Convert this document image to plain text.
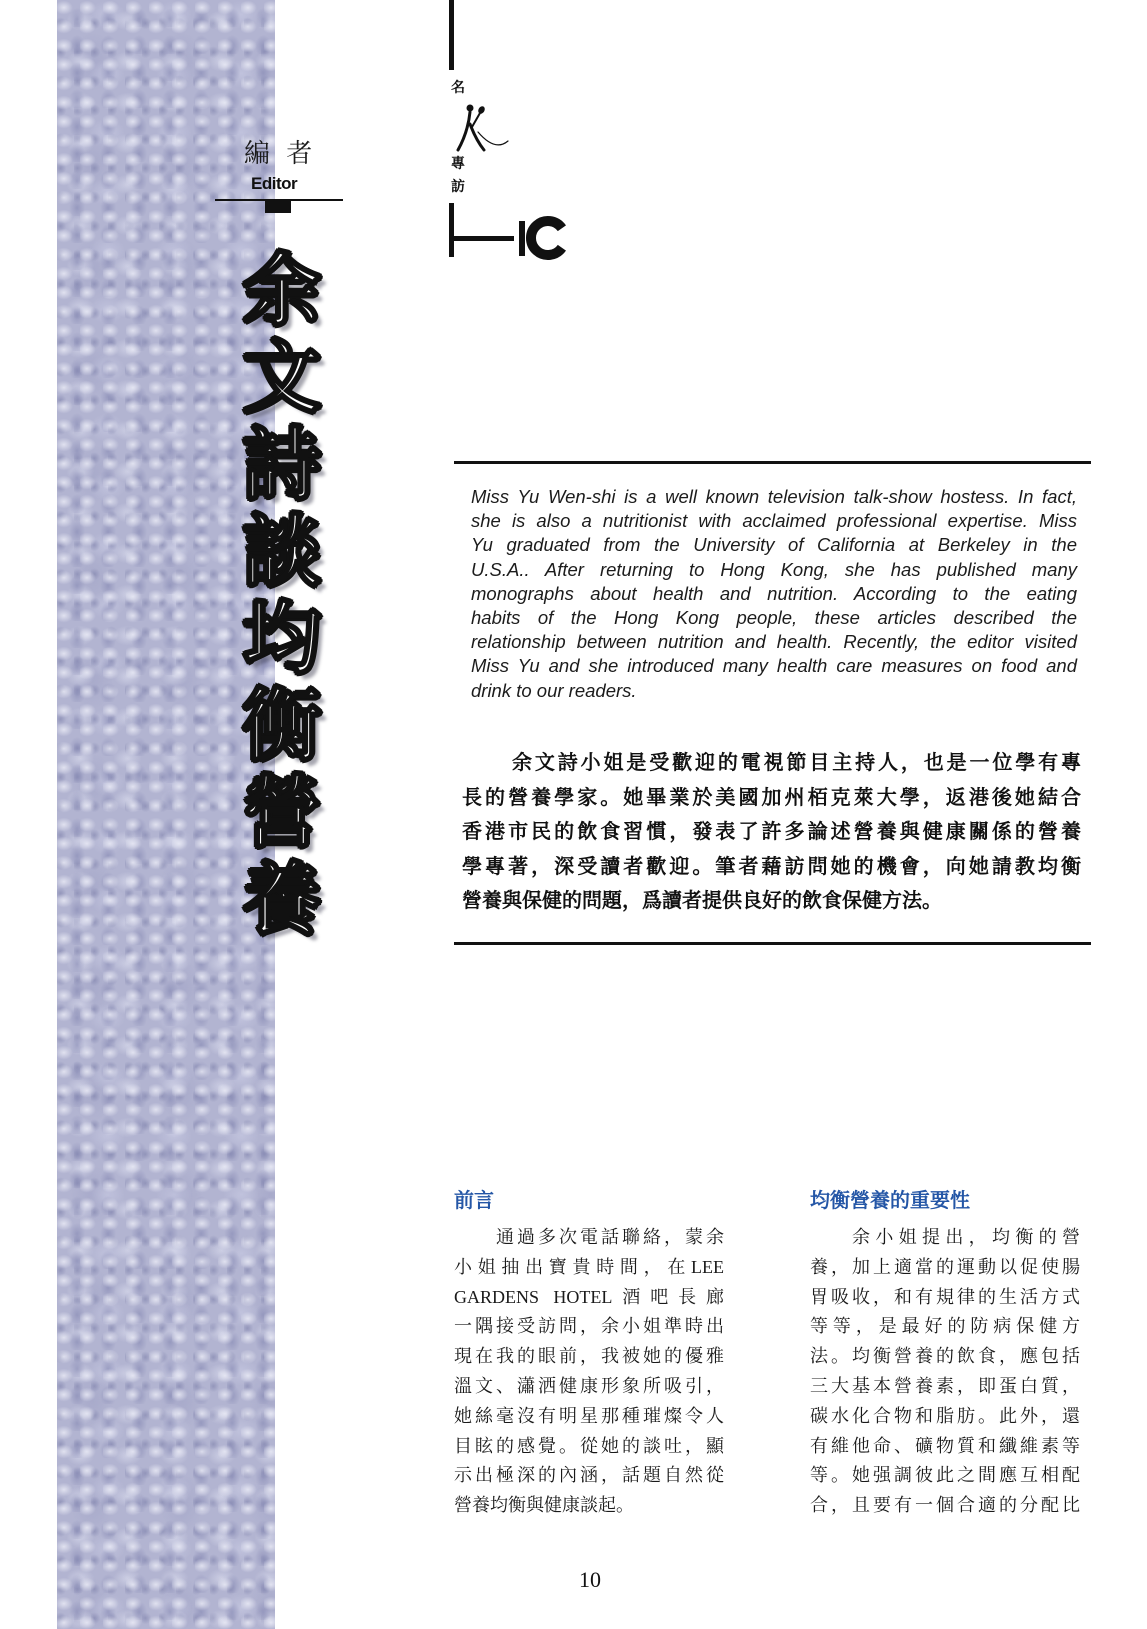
編 者
Editor
余文詩談均衡營養
名
專
訪
Miss Yu Wen-shi is a well known television talk-show hostess. In fact,
she is also a nutritionist with acclaimed professional expertise. Miss
Yu graduated from the University of California at Berkeley in the
U.S.A.. After returning to Hong Kong, she has published many
monographs about health and nutrition. According to the eating
habits of the Hong Kong people, these articles described the
relationship between nutrition and health. Recently, the editor visited
Miss Yu and she introduced many health care measures on food and
drink to our readers.
余文詩小姐是受歡迎的電視節目主持人，也是一位學有專
長的營養學家。她畢業於美國加州栢克萊大學，返港後她結合
香港市民的飲食習慣，發表了許多論述營養與健康關係的營養
學專著，深受讀者歡迎。筆者藉訪問她的機會，向她請教均衡
營養與保健的問題，爲讀者提供良好的飲食保健方法。
前言
通過多次電話聯絡，蒙余
小姐抽出寶貴時間，在LEE
GARDENS HOTEL酒吧長廊
一隅接受訪問，余小姐準時出
現在我的眼前，我被她的優雅
溫文、瀟洒健康形象所吸引，
她絲毫沒有明星那種璀燦令人
目眩的感覺。從她的談吐，顯
示出極深的內涵，話題自然從
營養均衡與健康談起。
均衡營養的重要性
余小姐提出，均衡的營
養，加上適當的運動以促使腸
胃吸收，和有規律的生活方式
等等，是最好的防病保健方
法。均衡營養的飲食，應包括
三大基本營養素，即蛋白質，
碳水化合物和脂肪。此外，還
有維他命、礦物質和纖維素等
等。她强調彼此之間應互相配
合，且要有一個合適的分配比
10
